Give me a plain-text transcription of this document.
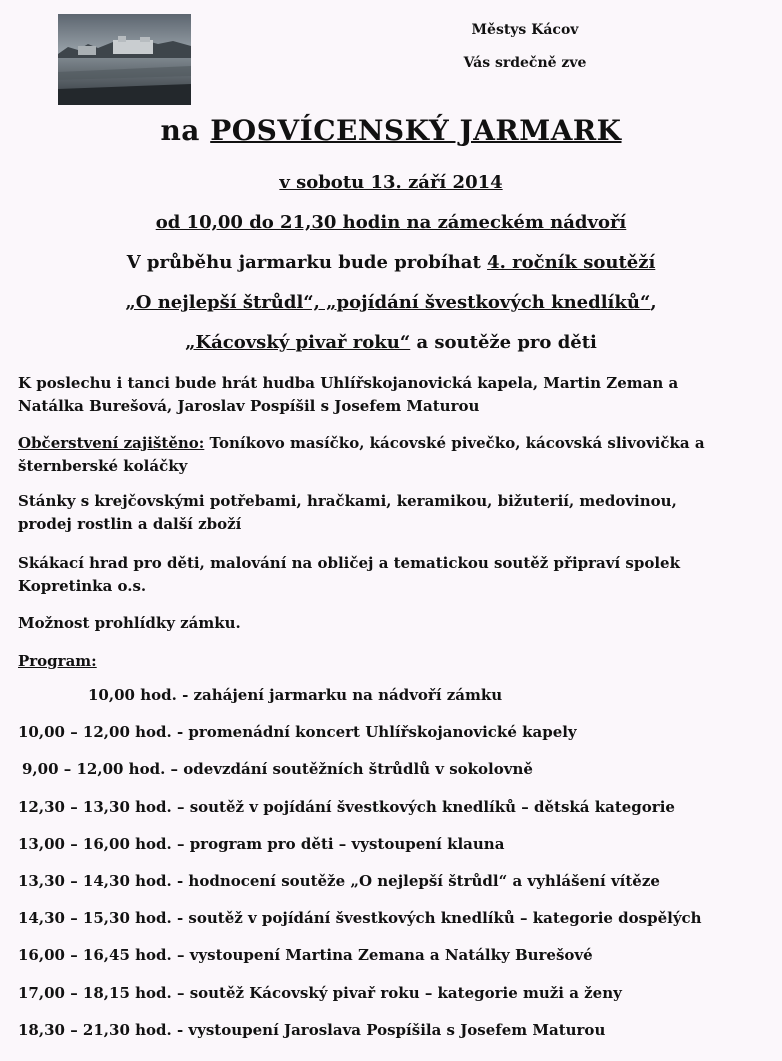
Městys Kácov
Vás srdečně zve
na POSVÍCENSKÝ JARMARK
v sobotu 13. září 2014
od 10,00 do 21,30 hodin na zámeckém nádvoří
V průběhu jarmarku bude probíhat 4. ročník soutěží
„O nejlepší štrůdl“, „pojídání švestkových knedlíků“,
„Kácovský pivař roku“ a soutěže pro děti
K poslechu i tanci bude hrát hudba Uhlířskojanovická kapela, Martin Zeman a
Natálka Burešová, Jaroslav Pospíšil s Josefem Maturou
Občerstvení zajištěno: Toníkovo masíčko, kácovské pivečko, kácovská slivovička a
šternberské koláčky
Stánky s krejčovskými potřebami, hračkami, keramikou, bižuterií, medovinou,
prodej rostlin a další zboží
Skákací hrad pro děti, malování na obličej a tematickou soutěž připraví spolek
Kopretinka o.s.
Možnost prohlídky zámku.
Program:
10,00 hod. - zahájení jarmarku na nádvoří zámku
10,00 – 12,00 hod. - promenádní koncert Uhlířskojanovické kapely
9,00 – 12,00 hod. – odevzdání soutěžních štrůdlů v sokolovně
12,30 – 13,30 hod. – soutěž v pojídání švestkových knedlíků – dětská kategorie
13,00 – 16,00 hod. – program pro děti – vystoupení klauna
13,30 – 14,30 hod. - hodnocení soutěže „O nejlepší štrůdl“ a vyhlášení vítěze
14,30 – 15,30 hod. - soutěž v pojídání švestkových knedlíků – kategorie dospělých
16,00 – 16,45 hod. – vystoupení Martina Zemana a Natálky Burešové
17,00 – 18,15 hod. – soutěž Kácovský pivař roku – kategorie muži a ženy
18,30 – 21,30 hod. - vystoupení Jaroslava Pospíšila s Josefem Maturou
